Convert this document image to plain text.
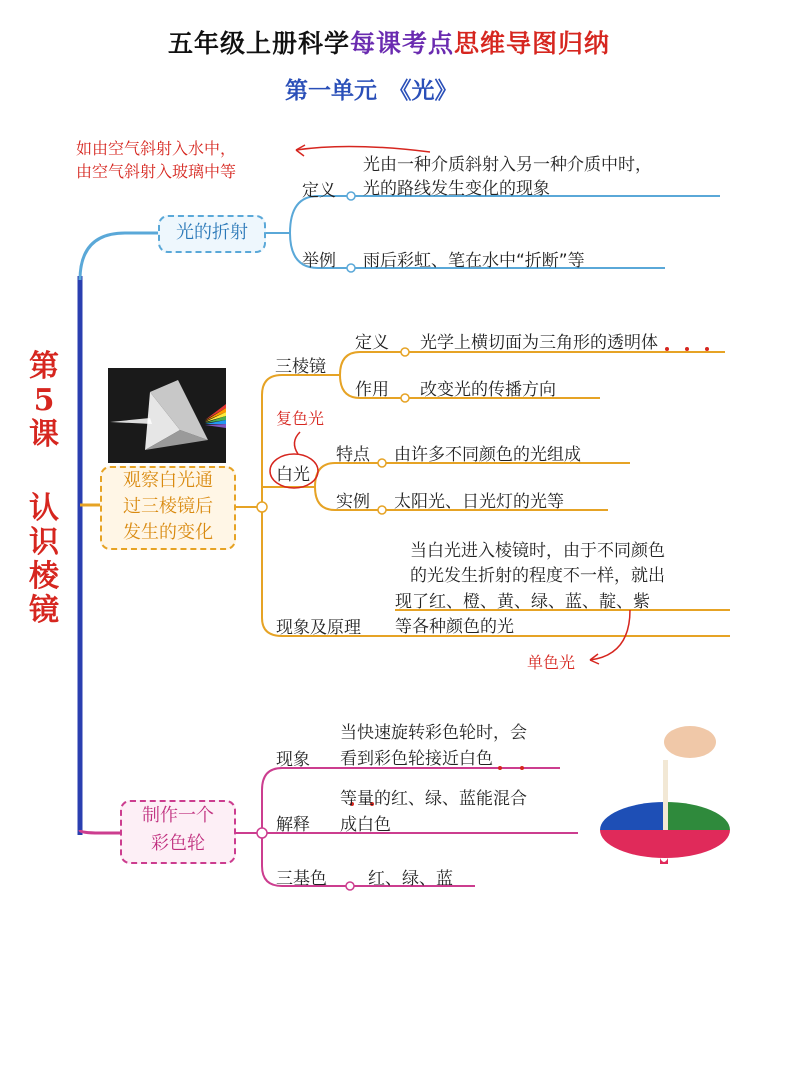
五年级上册科学每课考点思维导图归纳
第一单元　《光》
第5课
认识棱镜
如由空气斜射入水中，
由空气斜射入玻璃中等
光的折射
定义
光由一种介质斜射入另一种介质中时，
光的路线发生变化的现象
举例 雨后彩虹、笔在水中“折断”等
观察白光通
过三棱镜后
发生的变化
三棱镜
定义 光学上横切面为三角形的透明体
作用 改变光的传播方向
复色光
白光
特点 由许多不同颜色的光组成
实例 太阳光、日光灯的光等
当白光进入棱镜时，由于不同颜色
的光发生折射的程度不一样，就出
现了红、橙、黄、绿、蓝、靛、紫
等各种颜色的光
现象及原理
单色光
制作一个
彩色轮
现象
当快速旋转彩色轮时，会
看到彩色轮接近白色
解释
等量的红、绿、蓝能混合
成白色
三基色 红、绿、蓝
